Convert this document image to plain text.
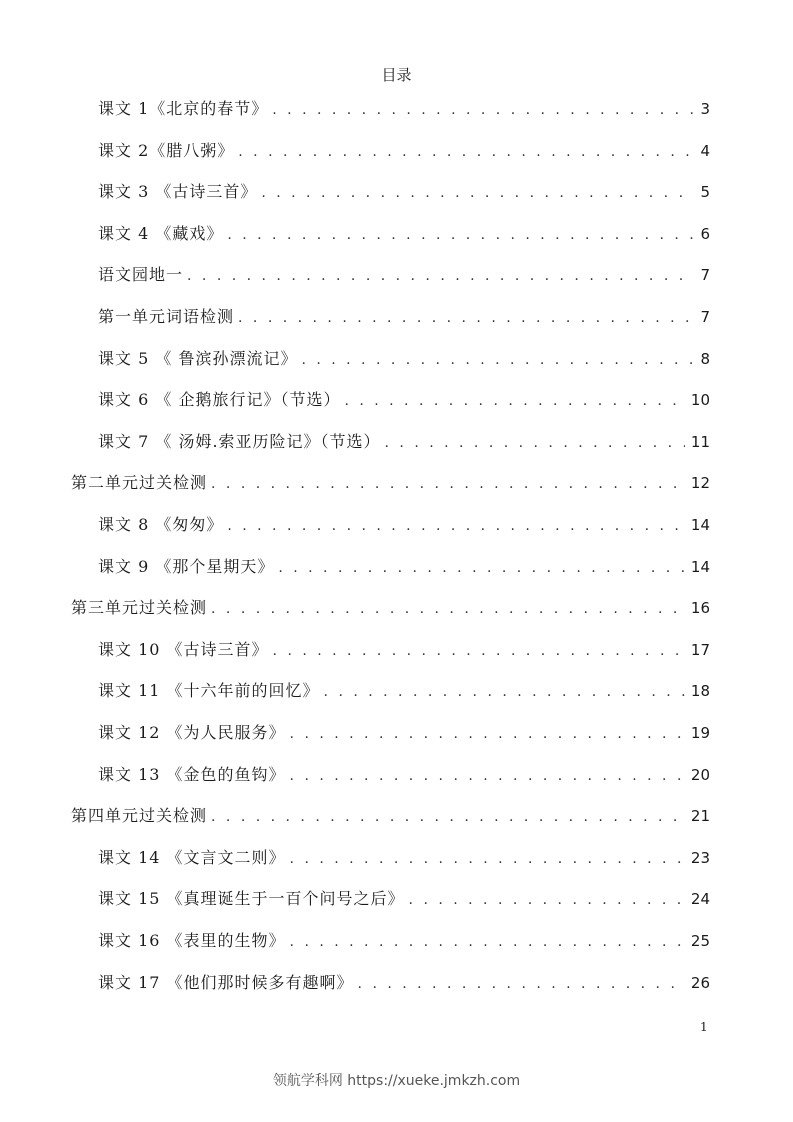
目录
课文 1《北京的春节》 . . .	3
课文 2《腊八粥》 . . .	4
课文 3 《古诗三首》 . . .	5
课文 4 《藏戏》 . . .	6
语文园地一 . . .	7
第一单元词语检测 . . .	7
课文 5 《 鲁滨孙漂流记》 . . .	8
课文 6 《 企鹅旅行记》（节选） . . .	10
课文 7 《 汤姆.索亚历险记》（节选） . . .	11
第二单元过关检测 . . .	12
课文 8 《匆匆》 . . .	14
课文 9 《那个星期天》 . . .	14
第三单元过关检测 . . .	16
课文 10 《古诗三首》 . . .	17
课文 11 《十六年前的回忆》 . . .	18
课文 12 《为人民服务》 . . .	19
课文 13 《金色的鱼钩》 . . .	20
第四单元过关检测 . . .	21
课文 14 《文言文二则》 . . .	23
课文 15 《真理诞生于一百个问号之后》 . . .	24
课文 16 《表里的生物》 . . .	25
课文 17 《他们那时候多有趣啊》 . . .	26
1
领航学科网 https://xueke.jmkzh.com
